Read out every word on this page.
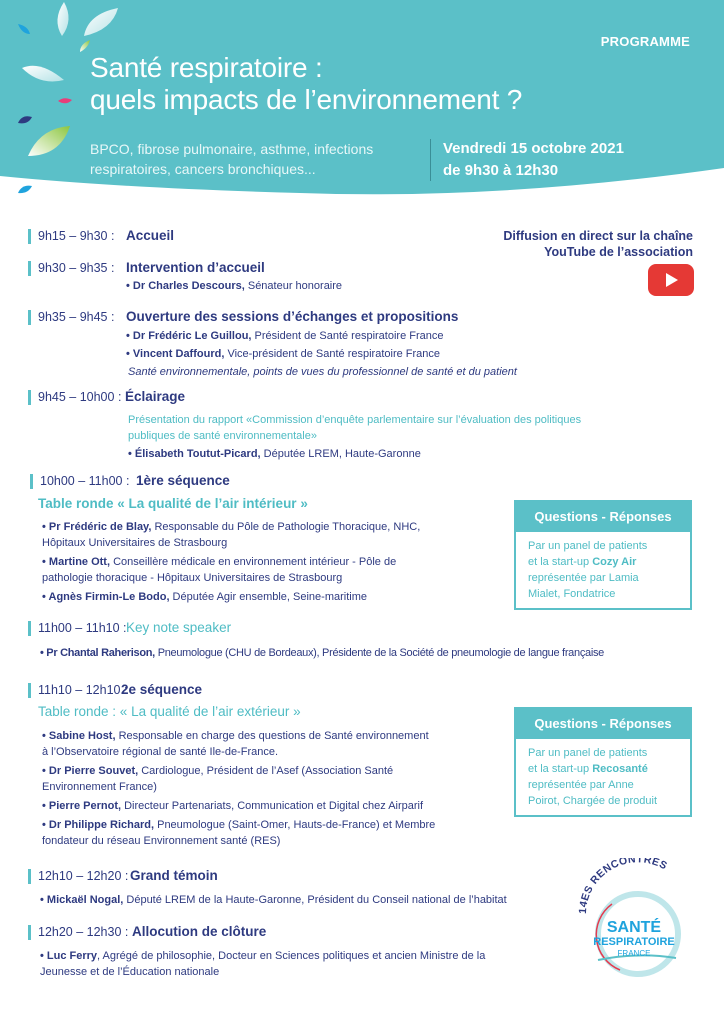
PROGRAMME
Santé respiratoire :
quels impacts de l’environnement ?
BPCO, fibrose pulmonaire, asthme, infections
respiratoires, cancers bronchiques...
Vendredi 15 octobre 2021
de 9h30 à 12h30
Diffusion en direct sur la chaîne
YouTube de l’association
9h15 – 9h30 : Accueil
9h30 – 9h35 : Intervention d’accueil
• Dr Charles Descours, Sénateur honoraire
9h35 – 9h45 : Ouverture des sessions d’échanges et propositions
• Dr Frédéric Le Guillou, Président de Santé respiratoire France
• Vincent Daffourd, Vice-président de Santé respiratoire France
Santé environnementale, points de vues du professionnel de santé et du patient
9h45 – 10h00 : Éclairage
Présentation du rapport «Commission d’enquête parlementaire sur l’évaluation des politiques
publiques de santé environnementale»
• Élisabeth Toutut-Picard, Députée LREM, Haute-Garonne
10h00 – 11h00 : 1ère séquence
Table ronde « La qualité de l’air intérieur »
• Pr Frédéric de Blay, Responsable du Pôle de Pathologie Thoracique, NHC,
Hôpitaux Universitaires de Strasbourg
• Martine Ott, Conseillère médicale en environnement intérieur - Pôle de
pathologie thoracique - Hôpitaux Universitaires de Strasbourg
• Agnès Firmin-Le Bodo, Députée Agir ensemble, Seine-maritime
Questions - Réponses
Par un panel de patients
et la start-up Cozy Air
représentée par Lamia
Mialet, Fondatrice
11h00 – 11h10 : Key note speaker
• Pr Chantal Raherison, Pneumologue (CHU de Bordeaux), Présidente de la Société de pneumologie de langue française
11h10 – 12h10 :
2e séquence
Table ronde : « La qualité de l’air extérieur »
• Sabine Host, Responsable en charge des questions de Santé environnement
à l’Observatoire régional de santé Ile-de-France.
• Dr Pierre Souvet, Cardiologue, Président de l’Asef (Association Santé
Environnement France)
• Pierre Pernot, Directeur Partenariats, Communication et Digital chez Airparif
• Dr Philippe Richard, Pneumologue (Saint-Omer, Hauts-de-France) et Membre
fondateur du réseau Environnement santé (RES)
Questions - Réponses
Par un panel de patients
et la start-up Recosanté
représentée par Anne
Poirot, Chargée de produit
12h10 – 12h20 : Grand témoin
• Mickaël Nogal, Député LREM de la Haute-Garonne, Président du Conseil national de l’habitat
12h20 – 12h30 : Allocution de clôture
• Luc Ferry, Agrégé de philosophie, Docteur en Sciences politiques et ancien Ministre de la
Jeunesse et de l’Éducation nationale
14ES RENCONTRES
SANTÉ
RESPIRATOIRE
FRANCE
